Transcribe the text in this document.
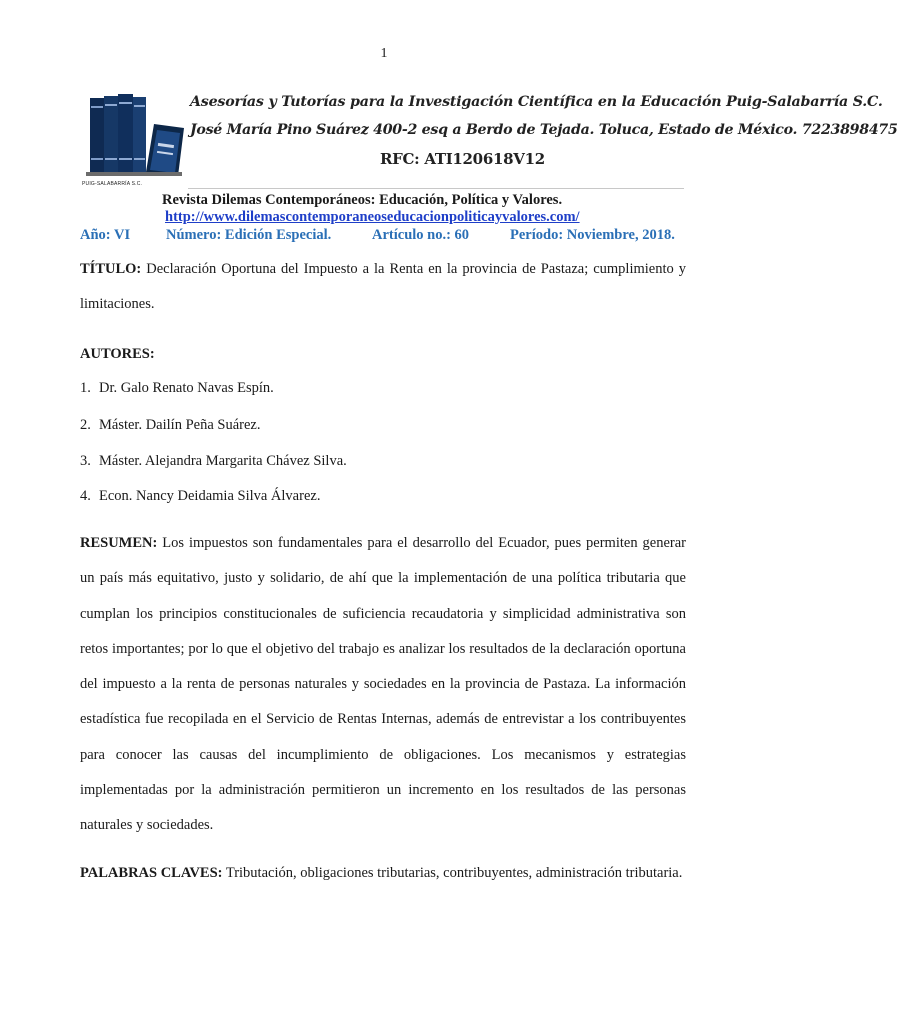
1
PUIG-SALABARRÍA S.C.
Asesorías y Tutorías para la Investigación Científica en la Educación Puig-Salabarría S.C.
José María Pino Suárez 400-2 esq a Berdo de Tejada. Toluca, Estado de México. 7223898475
RFC: ATI120618V12
Revista Dilemas Contemporáneos: Educación, Política y Valores.
http://www.dilemascontemporaneoseducacionpoliticayvalores.com/
Año: VI Número: Edición Especial.	Artículo no.: 60	Período: Noviembre, 2018.
TÍTULO: Declaración Oportuna del Impuesto a la Renta en la provincia de Pastaza; cumplimiento y limitaciones.
AUTORES:
1. Dr. Galo Renato Navas Espín.
2. Máster. Dailín Peña Suárez.
3. Máster. Alejandra Margarita Chávez Silva.
4. Econ. Nancy Deidamia Silva Álvarez.
RESUMEN: Los impuestos son fundamentales para el desarrollo del Ecuador, pues permiten generar un país más equitativo, justo y solidario, de ahí que la implementación de una política tributaria que cumplan los principios constitucionales de suficiencia recaudatoria y simplicidad administrativa son retos importantes; por lo que el objetivo del trabajo es analizar los resultados de la declaración oportuna del impuesto a la renta de personas naturales y sociedades en la provincia de Pastaza. La información estadística fue recopilada en el Servicio de Rentas Internas, además de entrevistar a los contribuyentes para conocer las causas del incumplimiento de obligaciones. Los mecanismos y estrategias implementadas por la administración permitieron un incremento en los resultados de las personas naturales y sociedades.
PALABRAS CLAVES: Tributación, obligaciones tributarias, contribuyentes, administración tributaria.
